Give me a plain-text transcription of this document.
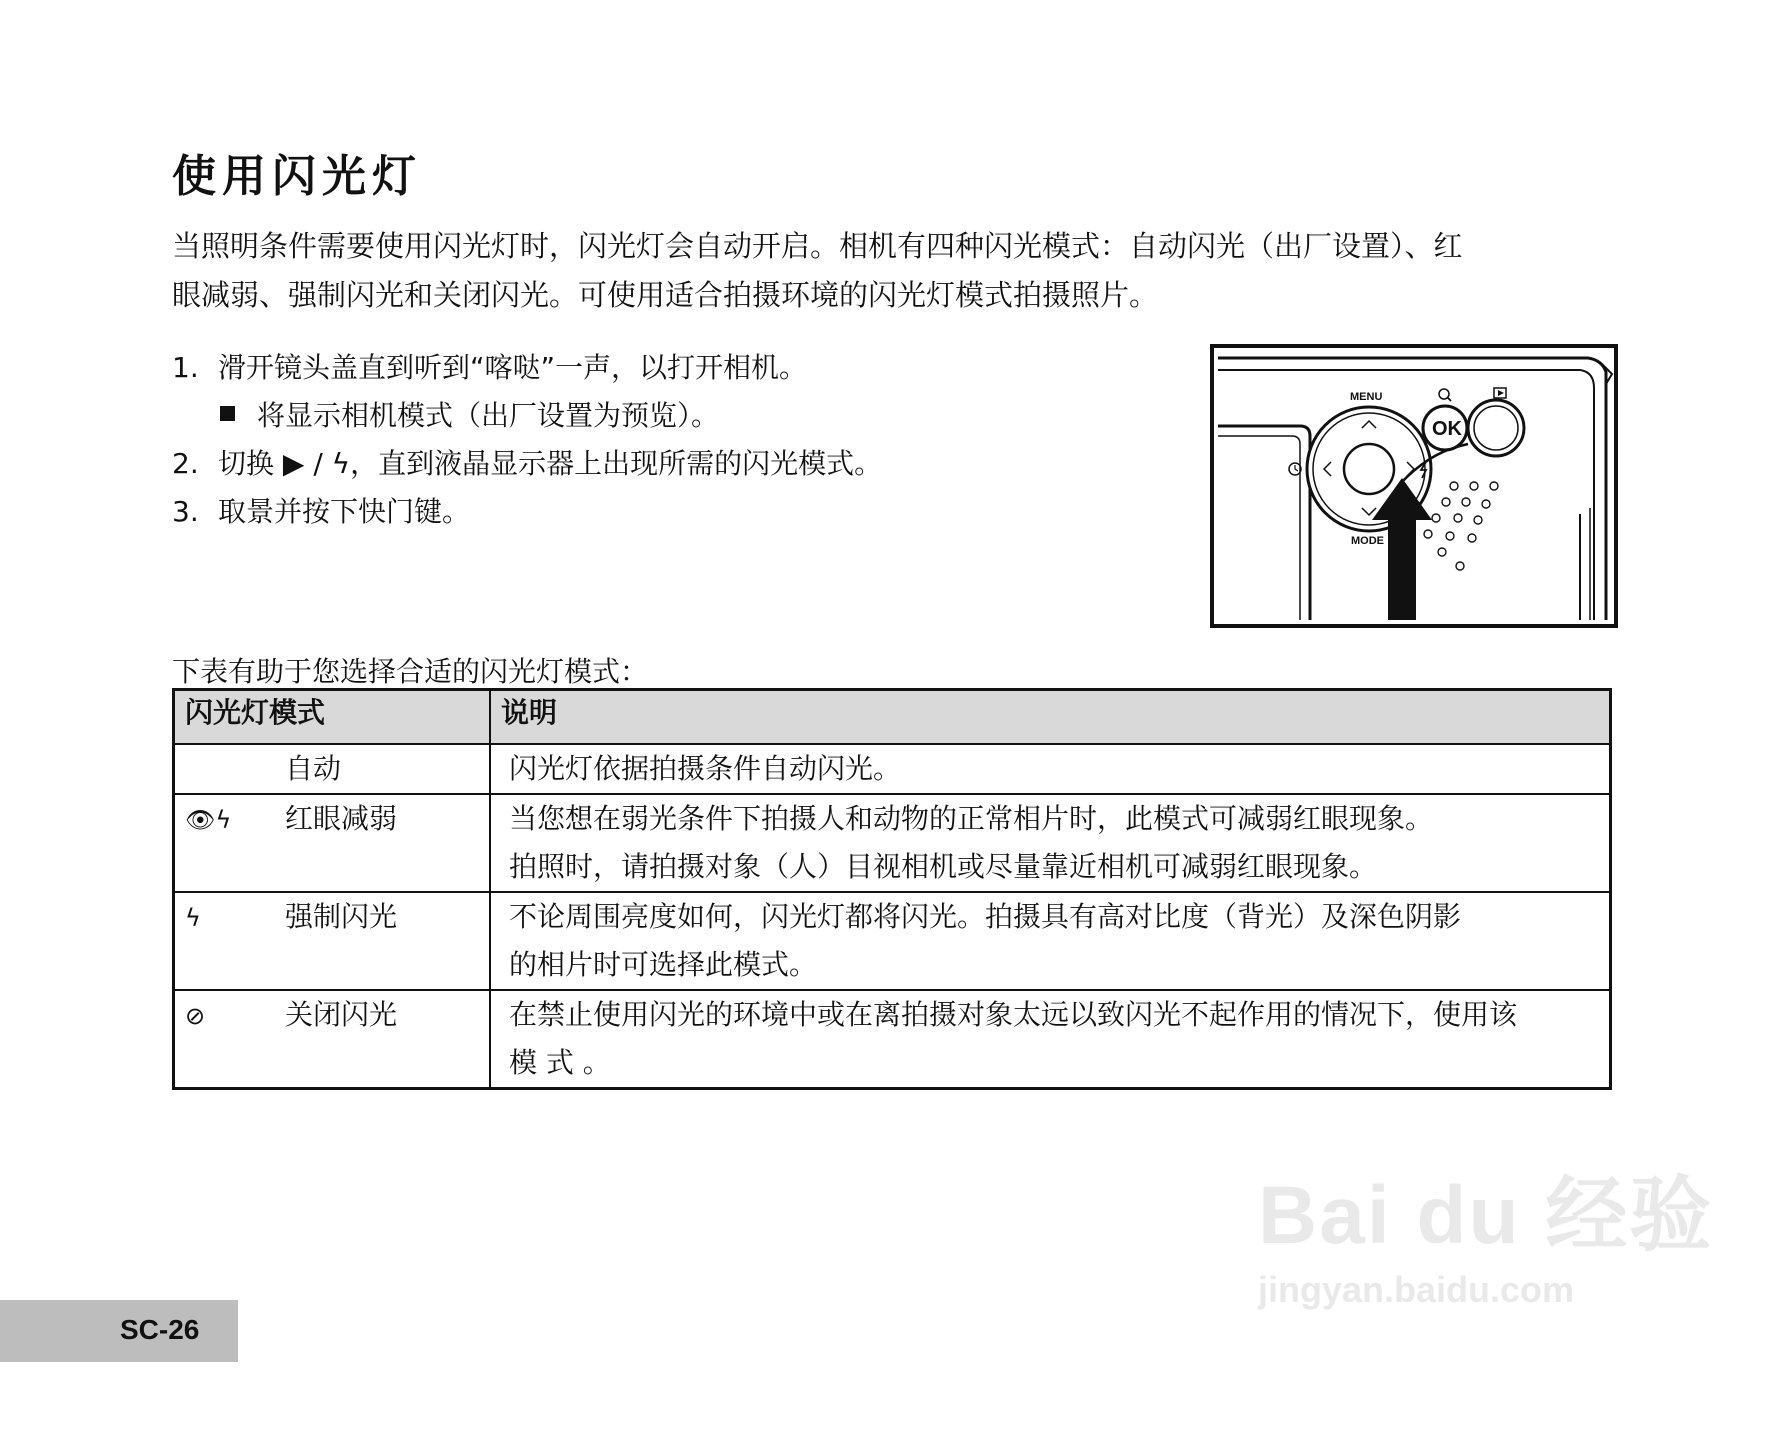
使用闪光灯
当照明条件需要使用闪光灯时，闪光灯会自动开启。相机有四种闪光模式：自动闪光（出厂设置）、红
眼减弱、强制闪光和关闭闪光。可使用适合拍摄环境的闪光灯模式拍摄照片。
1. 滑开镜头盖直到听到“喀哒”一声，以打开相机。
将显示相机模式（出厂设置为预览）。
2. 切换 ▶ / ϟ，直到液晶显示器上出现所需的闪光模式。
3. 取景并按下快门键。
MENU
MODE
OK
下表有助于您选择合适的闪光灯模式：
闪光灯模式	说明
自动	闪光灯依据拍摄条件自动闪光。

👁ϟ 红眼减弱	当您想在弱光条件下拍摄人和动物的正常相片时，此模式可减弱红眼现象。
拍照时，请拍摄对象（人）目视相机或尽量靠近相机可减弱红眼现象。

ϟ 强制闪光	不论周围亮度如何，闪光灯都将闪光。拍摄具有高对比度（背光）及深色阴影
的相片时可选择此模式。

⊘ 关闭闪光	在禁止使用闪光的环境中或在离拍摄对象太远以致闪光不起作用的情况下，使用该
模 式 。
SC-26
Bai du 经验
jingyan.baidu.com
